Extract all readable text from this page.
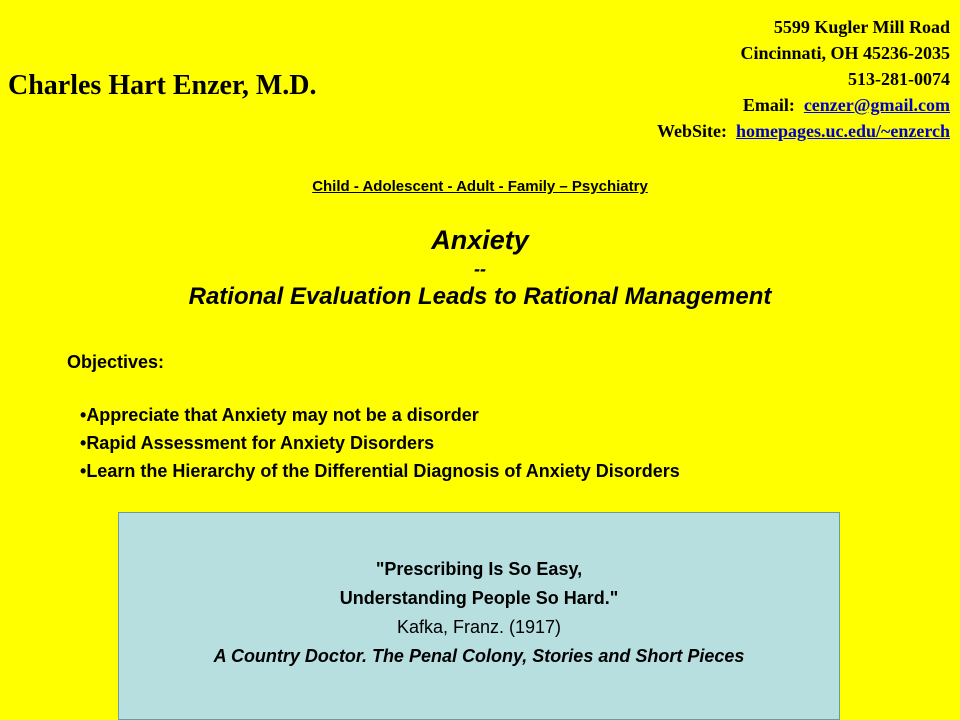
Charles Hart Enzer, M.D.
5599 Kugler Mill Road
Cincinnati, OH 45236-2035
513-281-0074
Email: cenzer@gmail.com
WebSite: homepages.uc.edu/~enzerch
Child - Adolescent - Adult - Family – Psychiatry
Anxiety
--
Rational Evaluation Leads to Rational Management
Objectives:
• Appreciate that Anxiety may not be a disorder
• Rapid Assessment for Anxiety Disorders
• Learn the Hierarchy of the Differential Diagnosis of Anxiety Disorders
"Prescribing Is So Easy,
Understanding People So Hard."
Kafka, Franz. (1917)
A Country Doctor. The Penal Colony, Stories and Short Pieces
